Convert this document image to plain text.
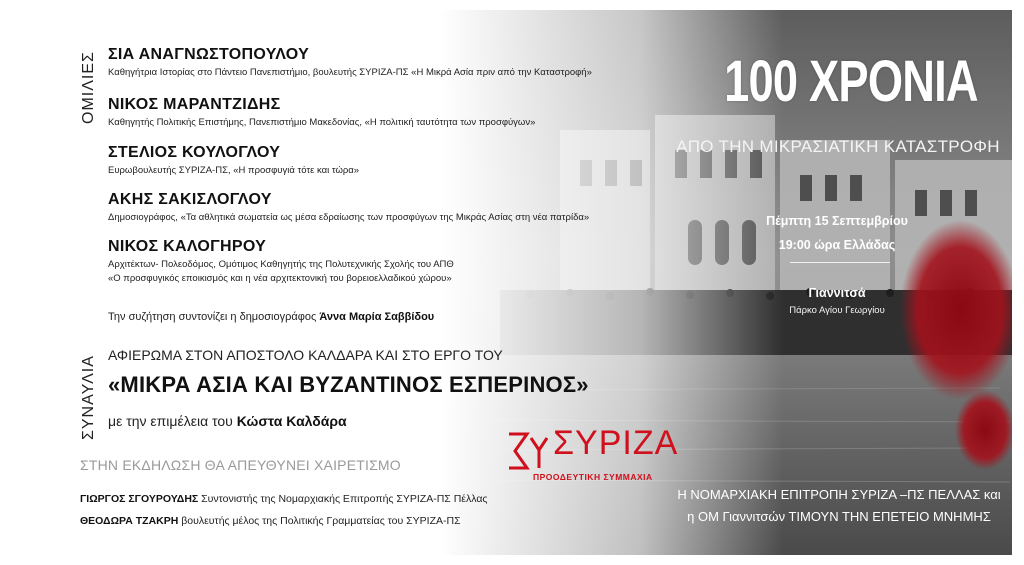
ΟΜΙΛΙΕΣ
ΣΥΝΑΥΛΙΑ
ΣΙΑ ΑΝΑΓΝΩΣΤΟΠΟΥΛΟΥ
Καθηγήτρια Ιστορίας στο Πάντειο Πανεπιστήμιο, βουλευτής ΣΥΡΙΖΑ-ΠΣ «Η Μικρά Ασία πριν από την Καταστροφή»
ΝΙΚΟΣ ΜΑΡΑΝΤΖΙΔΗΣ
Καθηγητής Πολιτικής Επιστήμης, Πανεπιστήμιο Μακεδονίας, «Η πολιτική ταυτότητα των προσφύγων»
ΣΤΕΛΙΟΣ ΚΟΥΛΟΓΛΟΥ
Ευρωβουλευτής ΣΥΡΙΖΑ-ΠΣ, «Η προσφυγιά τότε και τώρα»
ΑΚΗΣ ΣΑΚΙΣΛΟΓΛΟΥ
Δημοσιογράφος, «Τα αθλητικά σωματεία ως μέσα εδραίωσης των προσφύγων της Μικράς Ασίας στη νέα πατρίδα»
ΝΙΚΟΣ ΚΑΛΟΓΗΡΟΥ
Αρχιτέκτων- Πολεοδόμος, Ομότιμος Καθηγητής της Πολυτεχνικής Σχολής του ΑΠΘ
«Ο προσφυγικός εποικισμός και η νέα αρχιτεκτονική του βορειοελλαδικού χώρου»
Την συζήτηση συντονίζει η δημοσιογράφος Άννα Μαρία Σαββίδου
ΑΦΙΕΡΩΜΑ ΣΤΟΝ ΑΠΟΣΤΟΛΟ ΚΑΛΔΑΡΑ ΚΑΙ ΣΤΟ ΕΡΓΟ ΤΟΥ
«ΜΙΚΡΑ ΑΣΙΑ ΚΑΙ ΒΥΖΑΝΤΙΝΟΣ ΕΣΠΕΡΙΝΟΣ»
με την επιμέλεια του Κώστα Καλδάρα
ΣΤΗΝ ΕΚΔΗΛΩΣΗ ΘΑ ΑΠΕΥΘΥΝΕΙ ΧΑΙΡΕΤΙΣΜΟ
ΓΙΩΡΓΟΣ ΣΓΟΥΡΟΥΔΗΣ Συντονιστής της Νομαρχιακής Επιτροπής ΣΥΡΙΖΑ-ΠΣ Πέλλας
ΘΕΟΔΩΡΑ ΤΖΑΚΡΗ βουλευτής μέλος της Πολιτικής Γραμματείας του ΣΥΡΙΖΑ-ΠΣ
ΣΥΡΙΖΑ
ΠΡΟΟΔΕΥΤΙΚΗ ΣΥΜΜΑΧΙΑ
100 ΧΡΟΝΙΑ
ΑΠΟ ΤΗΝ ΜΙΚΡΑΣΙΑΤΙΚΗ ΚΑΤΑΣΤΡΟΦΗ
Πέμπτη 15 Σεπτεμβρίου
19:00 ώρα Ελλάδας
Γιαννιτσά
Πάρκο Αγίου Γεωργίου
Η ΝΟΜΑΡΧΙΑΚΗ ΕΠΙΤΡΟΠΗ ΣΥΡΙΖΑ –ΠΣ ΠΕΛΛΑΣ και
η ΟΜ Γιαννιτσών ΤΙΜΟΥΝ ΤΗΝ ΕΠΕΤΕΙΟ ΜΝΗΜΗΣ
